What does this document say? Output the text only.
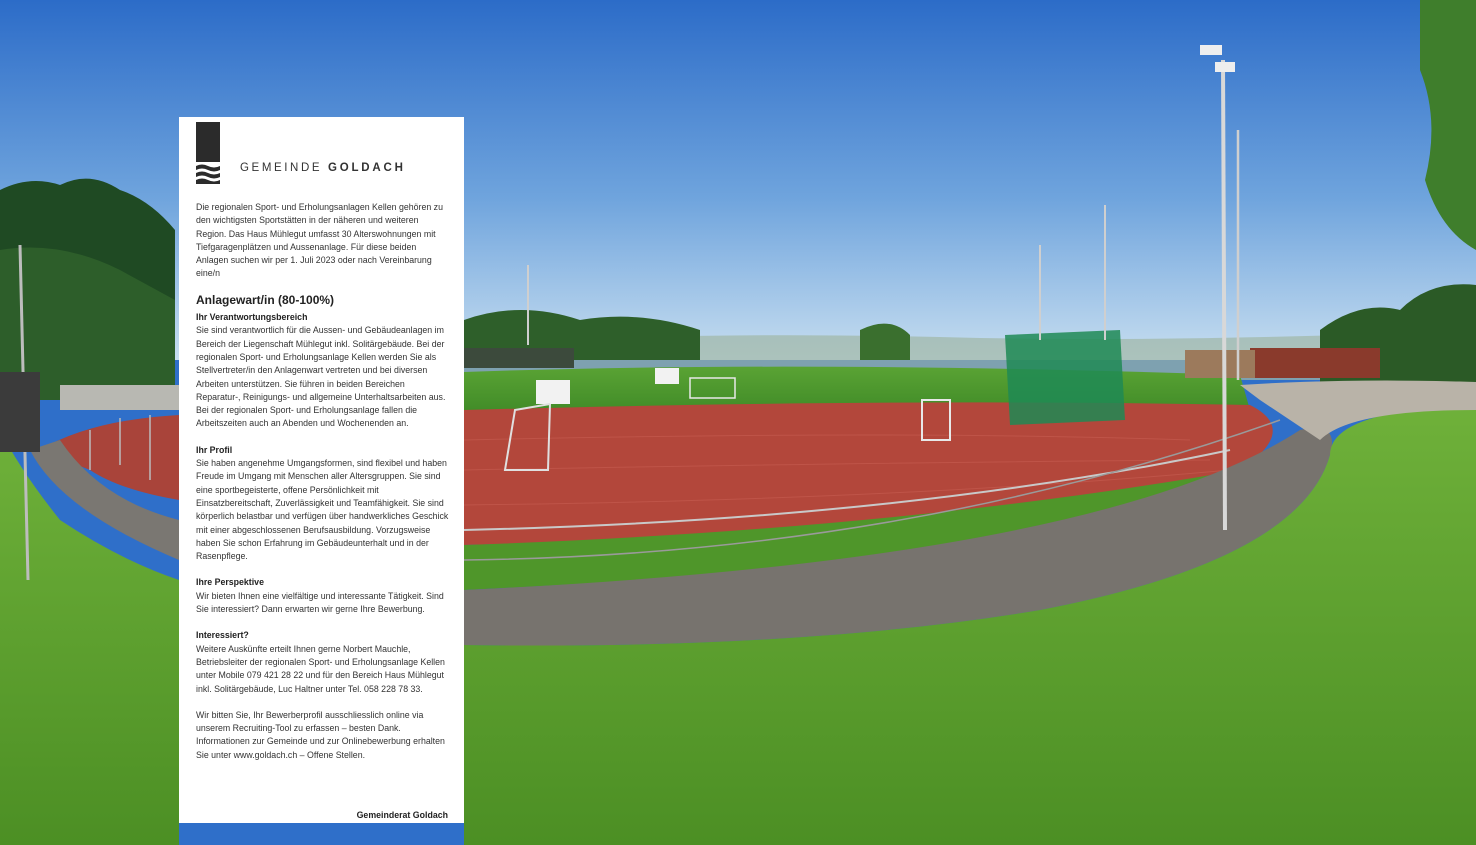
GEMEINDE GOLDACH

Die regionalen Sport- und Erholungsanlagen Kellen gehören zu den wichtigsten Sportstätten in der näheren und weiteren Region. Das Haus Mühlegut umfasst 30 Alterswohnungen mit Tiefgaragenplätzen und Aussenanlage. Für diese beiden Anlagen suchen wir per 1. Juli 2023 oder nach Vereinbarung eine/n

Anlagewart/in (80-100%)

Ihr Verantwortungsbereich
Sie sind verantwortlich für die Aussen- und Gebäudeanlagen im Bereich der Liegenschaft Mühlegut inkl. Solitärgebäude. Bei der regionalen Sport- und Erholungsanlage Kellen werden Sie als Stellvertreter/in den Anlagenwart vertreten und bei diversen Arbeiten unterstützen. Sie führen in beiden Bereichen Reparatur-, Reinigungs- und allgemeine Unterhaltsarbeiten aus. Bei der regionalen Sport- und Erholungsanlage fallen die Arbeitszeiten auch an Abenden und Wochenenden an.

Ihr Profil
Sie haben angenehme Umgangsformen, sind flexibel und haben Freude im Umgang mit Menschen aller Altersgruppen. Sie sind eine sportbegeisterte, offene Persönlichkeit mit Einsatzbereitschaft, Zuverlässigkeit und Teamfähigkeit. Sie sind körperlich belastbar und verfügen über handwerkliches Geschick mit einer abgeschlossenen Berufsausbildung. Vorzugsweise haben Sie schon Erfahrung im Gebäudeunterhalt und in der Rasenpflege.

Ihre Perspektive
Wir bieten Ihnen eine vielfältige und interessante Tätigkeit. Sind Sie interessiert? Dann erwarten wir gerne Ihre Bewerbung.

Interessiert?
Weitere Auskünfte erteilt Ihnen gerne Norbert Mauchle, Betriebsleiter der regionalen Sport- und Erholungsanlage Kellen unter Mobile 079 421 28 22 und für den Bereich Haus Mühlegut inkl. Solitärgebäude, Luc Haltner unter Tel. 058 228 78 33.

Wir bitten Sie, Ihr Bewerberprofil ausschliesslich online via unserem Recruiting-Tool zu erfassen – besten Dank. Informationen zur Gemeinde und zur Onlinebewerbung erhalten Sie unter www.goldach.ch – Offene Stellen.

Gemeinderat Goldach
